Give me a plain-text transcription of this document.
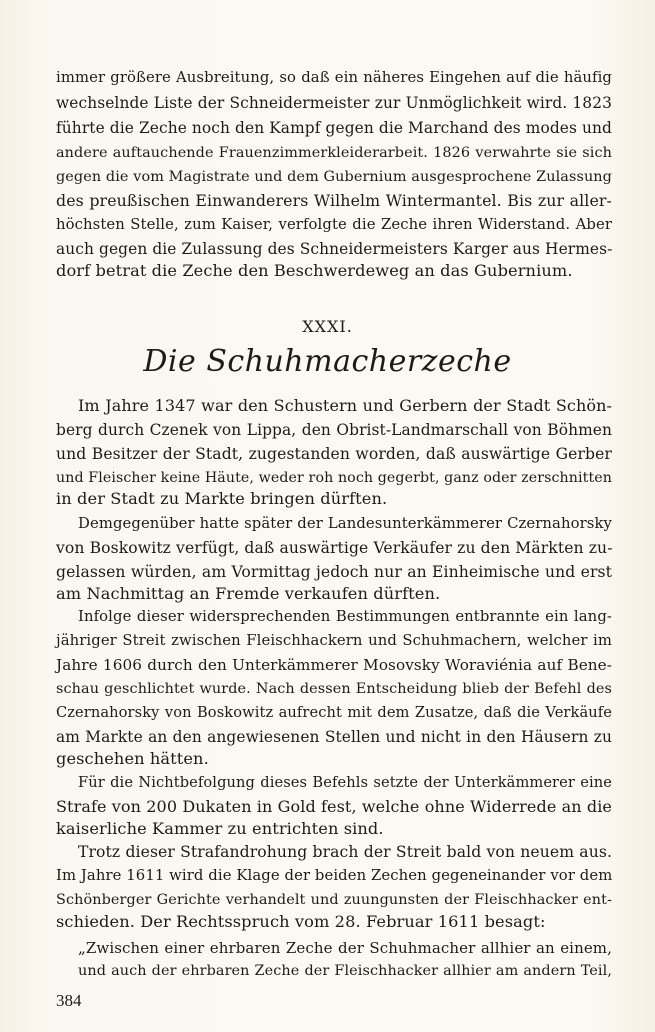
immer größere Ausbreitung, so daß ein näheres Eingehen auf die häufig
wechselnde Liste der Schneidermeister zur Unmöglichkeit wird. 1823
führte die Zeche noch den Kampf gegen die Marchand des modes und
andere auftauchende Frauenzimmerkleiderarbeit. 1826 verwahrte sie sich
gegen die vom Magistrate und dem Gubernium ausgesprochene Zulassung
des preußischen Einwanderers Wilhelm Wintermantel. Bis zur aller-
höchsten Stelle, zum Kaiser, verfolgte die Zeche ihren Widerstand. Aber
auch gegen die Zulassung des Schneidermeisters Karger aus Hermes-
dorf betrat die Zeche den Beschwerdeweg an das Gubernium.
XXXI.
Die Schuhmacherzeche
Im Jahre 1347 war den Schustern und Gerbern der Stadt Schön-
berg durch Czenek von Lippa, den Obrist-Landmarschall von Böhmen
und Besitzer der Stadt, zugestanden worden, daß auswärtige Gerber
und Fleischer keine Häute, weder roh noch gegerbt, ganz oder zerschnitten
in der Stadt zu Markte bringen dürften.
Demgegenüber hatte später der Landesunterkämmerer Czernahorsky
von Boskowitz verfügt, daß auswärtige Verkäufer zu den Märkten zu-
gelassen würden, am Vormittag jedoch nur an Einheimische und erst
am Nachmittag an Fremde verkaufen dürften.
Infolge dieser widersprechenden Bestimmungen entbrannte ein lang-
jähriger Streit zwischen Fleischhackern und Schuhmachern, welcher im
Jahre 1606 durch den Unterkämmerer Mosovsky Woraviénia auf Bene-
schau geschlichtet wurde. Nach dessen Entscheidung blieb der Befehl des
Czernahorsky von Boskowitz aufrecht mit dem Zusatze, daß die Verkäufe
am Markte an den angewiesenen Stellen und nicht in den Häusern zu
geschehen hätten.
Für die Nichtbefolgung dieses Befehls setzte der Unterkämmerer eine
Strafe von 200 Dukaten in Gold fest, welche ohne Widerrede an die
kaiserliche Kammer zu entrichten sind.
Trotz dieser Strafandrohung brach der Streit bald von neuem aus.
Im Jahre 1611 wird die Klage der beiden Zechen gegeneinander vor dem
Schönberger Gerichte verhandelt und zuungunsten der Fleischhacker ent-
schieden. Der Rechtsspruch vom 28. Februar 1611 besagt:
„Zwischen einer ehrbaren Zeche der Schuhmacher allhier an einem,
und auch der ehrbaren Zeche der Fleischhacker allhier am andern Teil,
384
